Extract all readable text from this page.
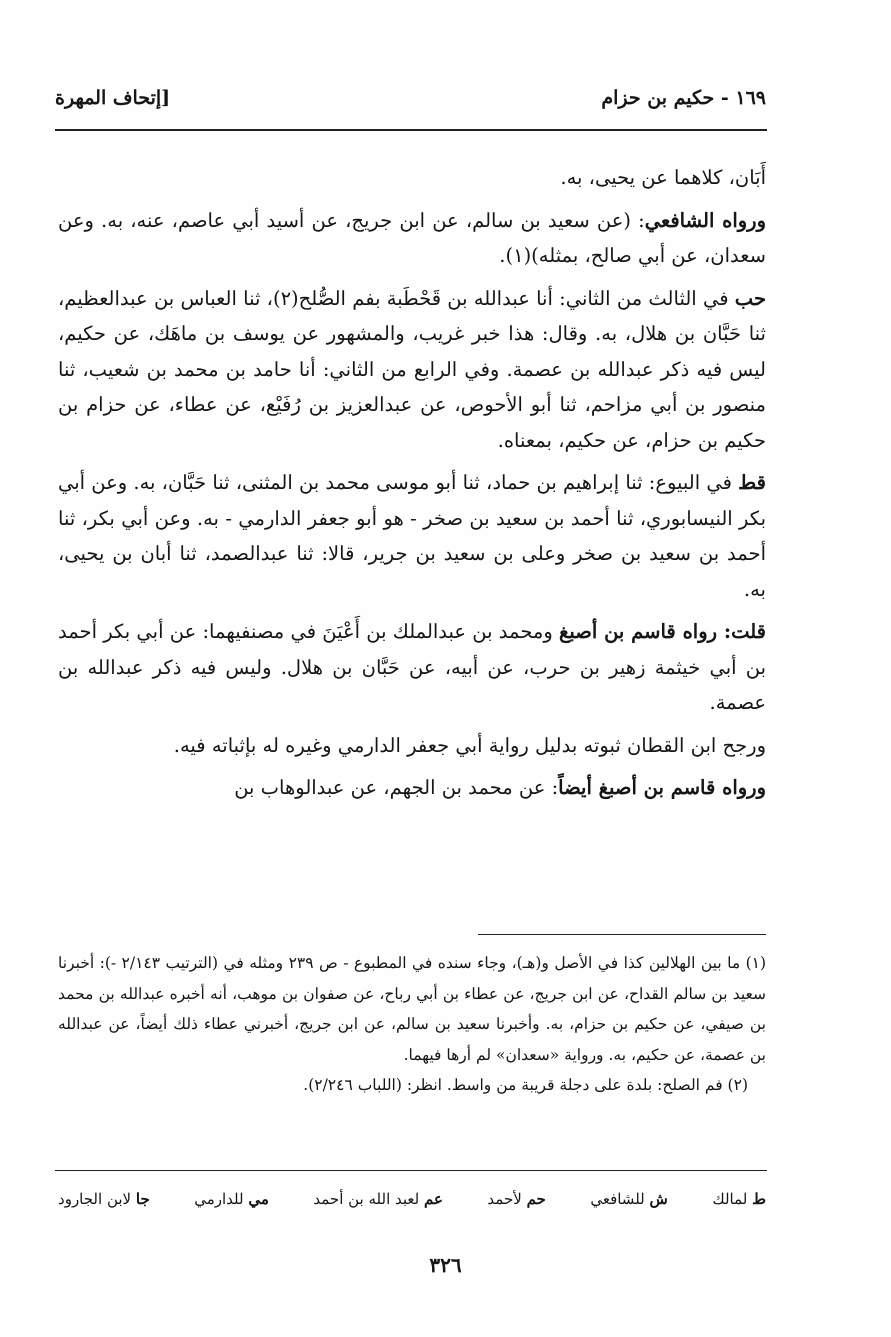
١٦٩ - حكيم بن حزام
[إتحاف المهرة

أَبَان، كلاهما عن يحيى، به.

ورواه الشافعي: (عن سعيد بن سالم، عن ابن جريج، عن أسيد أبي عاصم، عنه، به. وعن سعدان، عن أبي صالح، بمثله)(١).

حب في الثالث من الثاني: أنا عبدالله بن قَحْطَبة بفم الصُّلح(٢)، ثنا العباس بن عبدالعظيم، ثنا حَبَّان بن هلال، به. وقال: هذا خبر غريب، والمشهور عن يوسف بن ماهَك، عن حكيم، ليس فيه ذكر عبدالله بن عصمة. وفي الرابع من الثاني: أنا حامد بن محمد بن شعيب، ثنا منصور بن أبي مزاحم، ثنا أبو الأحوص، عن عبدالعزيز بن رُفَيْع، عن عطاء، عن حزام بن حكيم بن حزام، عن حكيم، بمعناه.

قط في البيوع: ثنا إبراهيم بن حماد، ثنا أبو موسى محمد بن المثنى، ثنا حَبَّان، به. وعن أبي بكر النيسابوري، ثنا أحمد بن سعيد بن صخر - هو أبو جعفر الدارمي - به. وعن أبي بكر، ثنا أحمد بن سعيد بن صخر وعلى بن سعيد بن جرير، قالا: ثنا عبدالصمد، ثنا أبان بن يحيى، به.

قلت: رواه قاسم بن أصبغ ومحمد بن عبدالملك بن أَعْيَنَ في مصنفيهما: عن أبي بكر أحمد بن أبي خيثمة زهير بن حرب، عن أبيه، عن حَبَّان بن هلال. وليس فيه ذكر عبدالله بن عصمة.

ورجح ابن القطان ثبوته بدليل رواية أبي جعفر الدارمي وغيره له بإثباته فيه.

ورواه قاسم بن أصبغ أيضاً: عن محمد بن الجهم، عن عبدالوهاب بن

(١) ما بين الهلالين كذا في الأصل و(هـ)، وجاء سنده في المطبوع - ص ٢٣٩ ومثله في (الترتيب ٢/١٤٣ -): أخبرنا سعيد بن سالم القداح، عن ابن جريج، عن عطاء بن أبي رباح، عن صفوان بن موهب، أنه أخبره عبدالله بن محمد بن صيفي، عن حكيم بن حزام، به. وأخبرنا سعيد بن سالم، عن ابن جريج، أخبرني عطاء ذلك أيضاً، عن عبدالله بن عصمة، عن حكيم، به. ورواية «سعدان» لم أرها فيهما.

(٢) فم الصلح: بلدة على دجلة قريبة من واسط. انظر: (اللباب ٢/٢٤٦).

ط لمالك
ش للشافعي
حم لأحمد
عم لعبد الله بن أحمد
مي للدارمي
جا لابن الجارود
٣٢٦
